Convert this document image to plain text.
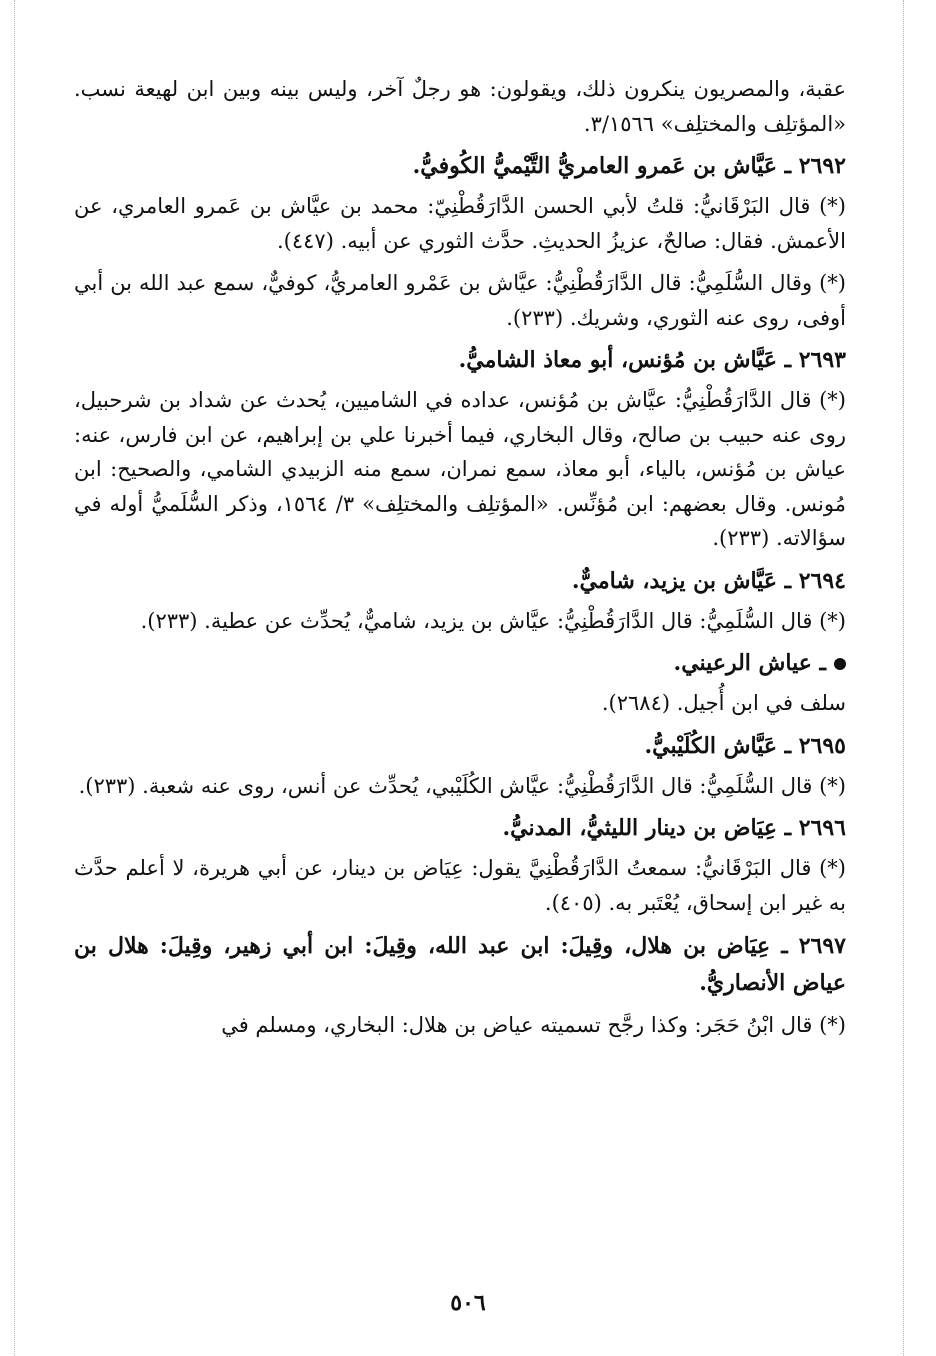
عقبة، والمصريون ينكرون ذلك، ويقولون: هو رجلٌ آخر، وليس بينه وبين ابن لهيعة نسب. «المؤتلِف والمختلِف» ٣/١٥٦٦.

٢٦٩٢ ـ عَيَّاش بن عَمرو العامريُّ التَّيْميُّ الكُوفيُّ.

(*) قال البَرْقَانيُّ: قلتُ لأبي الحسن الدَّارَقُطْنِيّ: محمد بن عيَّاش بن عَمرو العامري، عن الأعمش. فقال: صالحٌ، عزيزُ الحديثِ. حدَّث الثوري عن أبيه. (٤٤٧).

(*) وقال السُّلَمِيُّ: قال الدَّارَقُطْنِيُّ: عيَّاش بن عَمْرو العامريُّ، كوفيٌّ، سمع عبد الله بن أبي أوفى، روى عنه الثوري، وشريك. (٢٣٣).

٢٦٩٣ ـ عَيَّاش بن مُؤنس، أبو معاذ الشاميُّ.

(*) قال الدَّارَقُطْنِيُّ: عيَّاش بن مُؤنس، عداده في الشاميين، يُحدث عن شداد بن شرحبيل، روى عنه حبيب بن صالح، وقال البخاري، فيما أخبرنا علي بن إبراهيم، عن ابن فارس، عنه: عياش بن مُؤنس، بالياء، أبو معاذ، سمع نمران، سمع منه الزبيدي الشامي، والصحيح: ابن مُونس. وقال بعضهم: ابن مُؤنِّس. «المؤتلِف والمختلِف» ٣/ ١٥٦٤، وذكر السُّلَميُّ أوله في سؤالاته. (٢٣٣).

٢٦٩٤ ـ عَيَّاش بن يزيد، شاميٌّ.

(*) قال السُّلَمِيُّ: قال الدَّارَقُطْنِيُّ: عيَّاش بن يزيد، شاميٌّ، يُحدِّث عن عطية. (٢٣٣).

ـ عياش الرعيني.

سلف في ابن أُجيل. (٢٦٨٤).

٢٦٩٥ ـ عَيَّاش الكُلَيْبيُّ.

(*) قال السُّلَمِيُّ: قال الدَّارَقُطْنِيُّ: عيَّاش الكُلَيْبي، يُحدِّث عن أنس، روى عنه شعبة. (٢٣٣).

٢٦٩٦ ـ عِيَاض بن دينار الليثيُّ، المدنيُّ.

(*) قال البَرْقَانيُّ: سمعتُ الدَّارَقُطْنِيَّ يقول: عِيَاض بن دينار، عن أبي هريرة، لا أعلم حدَّث به غير ابن إسحاق، يُعْتَبر به. (٤٠٥).

٢٦٩٧ ـ عِيَاض بن هلال، وقِيلَ: ابن عبد الله، وقِيلَ: ابن أبي زهير، وقِيلَ: هلال بن عياض الأنصاريُّ.

(*) قال ابْنُ حَجَر: وكذا رجَّح تسميته عياض بن هلال: البخاري، ومسلم في

٥٠٦
